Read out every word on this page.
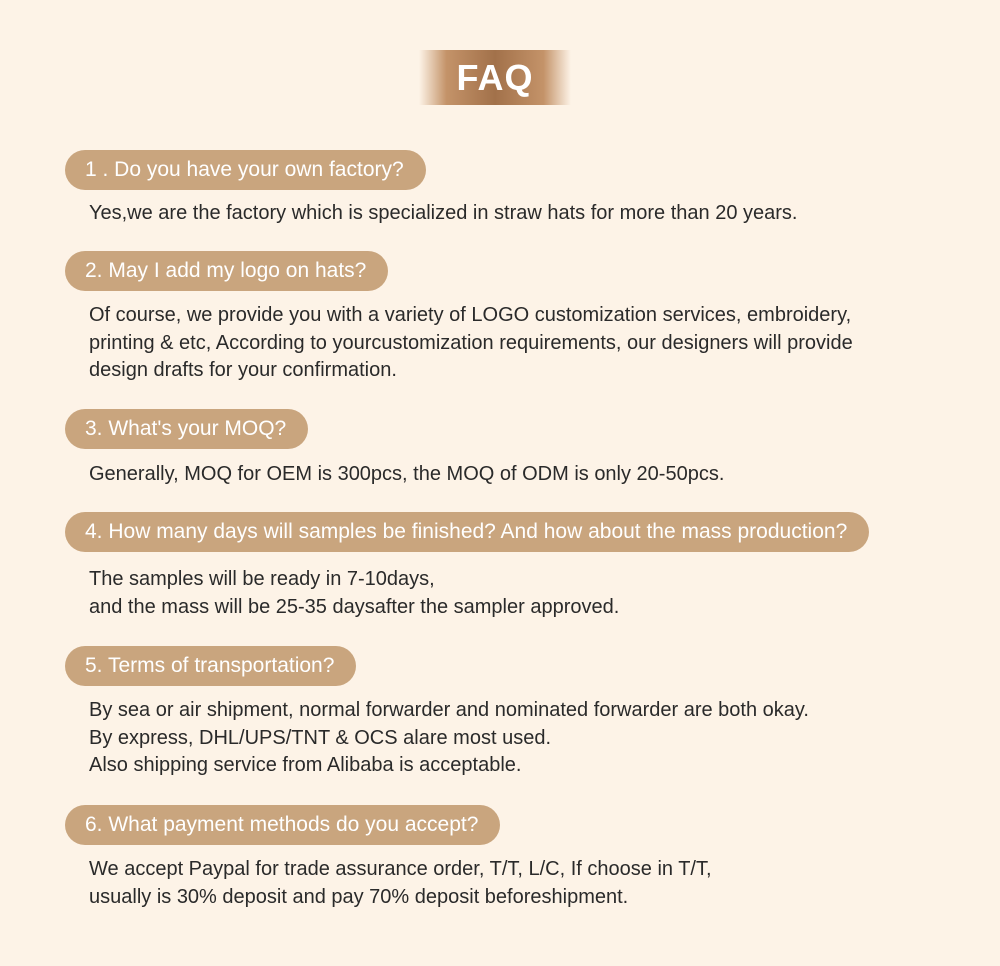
FAQ
1 . Do you have your own factory?
Yes,we are the factory which is specialized in straw hats for more than 20 years.
2. May I add my logo on hats?
Of course, we provide you with a variety of LOGO customization services, embroidery,
printing & etc, According to yourcustomization requirements, our designers will provide
design drafts for your confirmation.
3. What's your MOQ?
Generally, MOQ for OEM is 300pcs, the MOQ of ODM is only 20-50pcs.
4. How many days will samples be finished? And how about the mass production?
The samples will be ready in 7-10days,
and the mass will be 25-35 daysafter the sampler approved.
5. Terms of transportation?
By sea or air shipment, normal forwarder and nominated forwarder are both okay.
By express, DHL/UPS/TNT & OCS alare most used.
Also shipping service from Alibaba is acceptable.
6. What payment methods do you accept?
We accept Paypal for trade assurance order, T/T, L/C, If choose in T/T,
usually is 30% deposit and pay 70% deposit beforeshipment.
